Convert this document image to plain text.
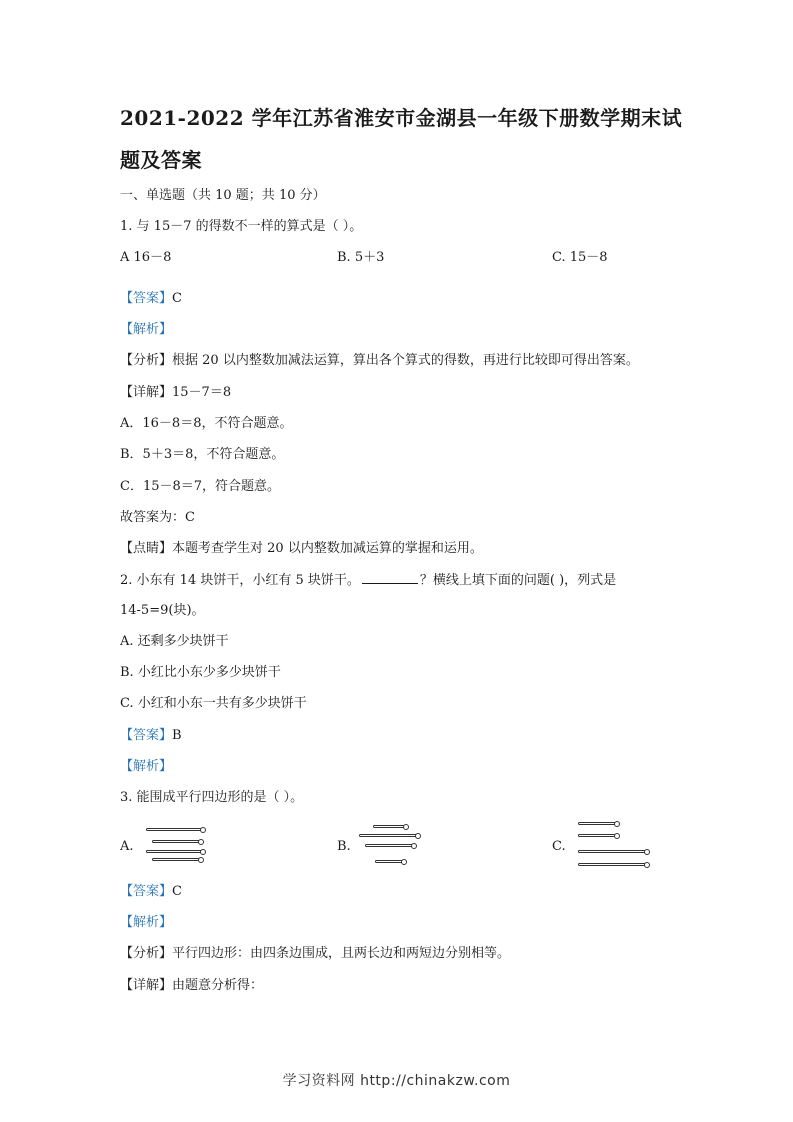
2021-2022 学年江苏省淮安市金湖县一年级下册数学期末试
题及答案
一、单选题（共 10 题；共 10 分）
1. 与 15－7 的得数不一样的算式是（ ）。
A 16－8	B. 5＋3	C. 15－8
【答案】C
【解析】
【分析】根据 20 以内整数加减法运算，算出各个算式的得数，再进行比较即可得出答案。
【详解】15－7＝8
A．16－8＝8，不符合题意。
B．5＋3＝8，不符合题意。
C．15－8＝7，符合题意。
故答案为：C
【点睛】本题考查学生对 20 以内整数加减运算的掌握和运用。
2. 小东有 14 块饼干，小红有 5 块饼干。	？横线上填下面的问题( )，列式是
14-5=9(块)。
A. 还剩多少块饼干
B. 小红比小东少多少块饼干
C. 小红和小东一共有多少块饼干
【答案】B
【解析】
3. 能围成平行四边形的是（ ）。
A.	B.	C.
【答案】C
【解析】
【分析】平行四边形：由四条边围成，且两长边和两短边分别相等。
【详解】由题意分析得：
学习资料网 http://chinakzw.com
